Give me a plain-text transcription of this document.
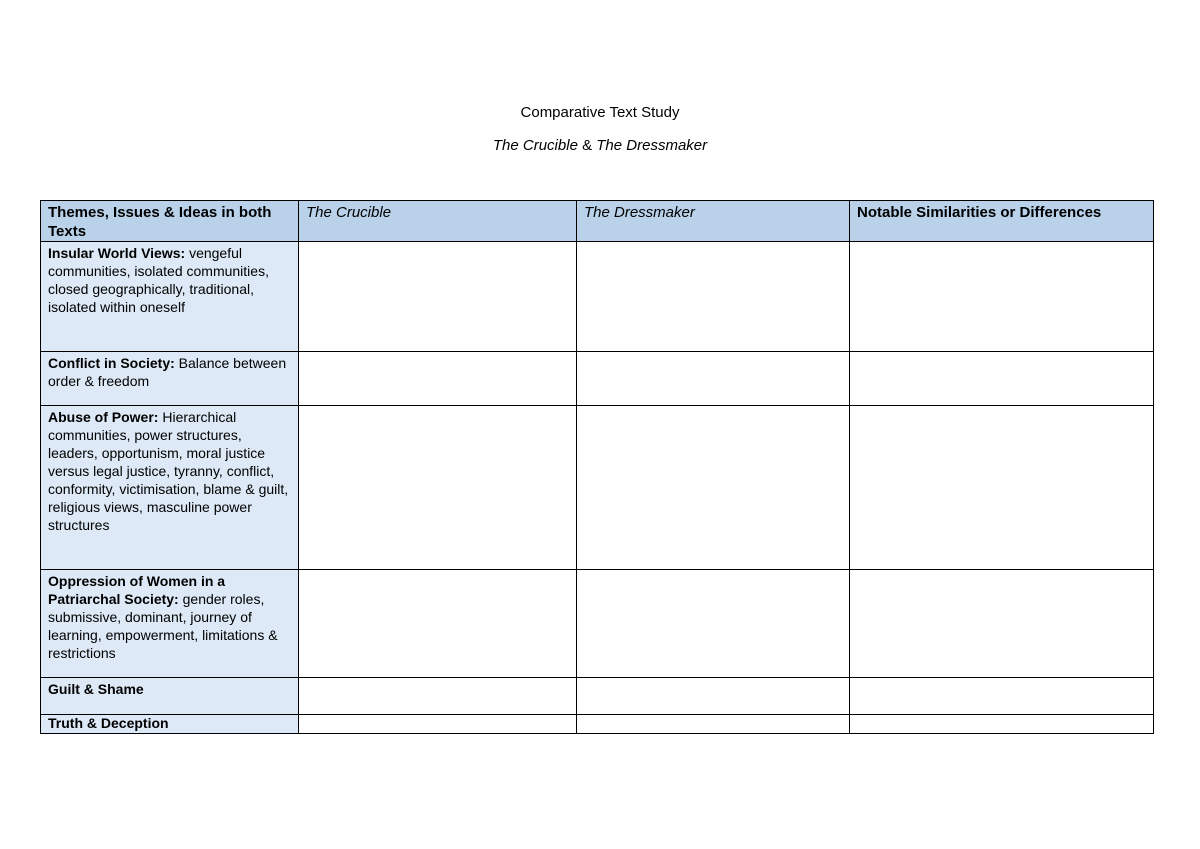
Comparative Text Study
The Crucible & The Dressmaker
Themes, Issues & Ideas in both Texts	The Crucible	The Dressmaker	Notable Similarities or Differences
Insular World Views: vengeful communities, isolated communities, closed geographically, traditional, isolated within oneself			
Conflict in Society: Balance between order & freedom			
Abuse of Power: Hierarchical communities, power structures, leaders, opportunism, moral justice versus legal justice, tyranny, conflict, conformity, victimisation, blame & guilt, religious views, masculine power structures			
Oppression of Women in a Patriarchal Society: gender roles, submissive, dominant, journey of learning, empowerment, limitations & restrictions			
Guilt & Shame			
Truth & Deception			
